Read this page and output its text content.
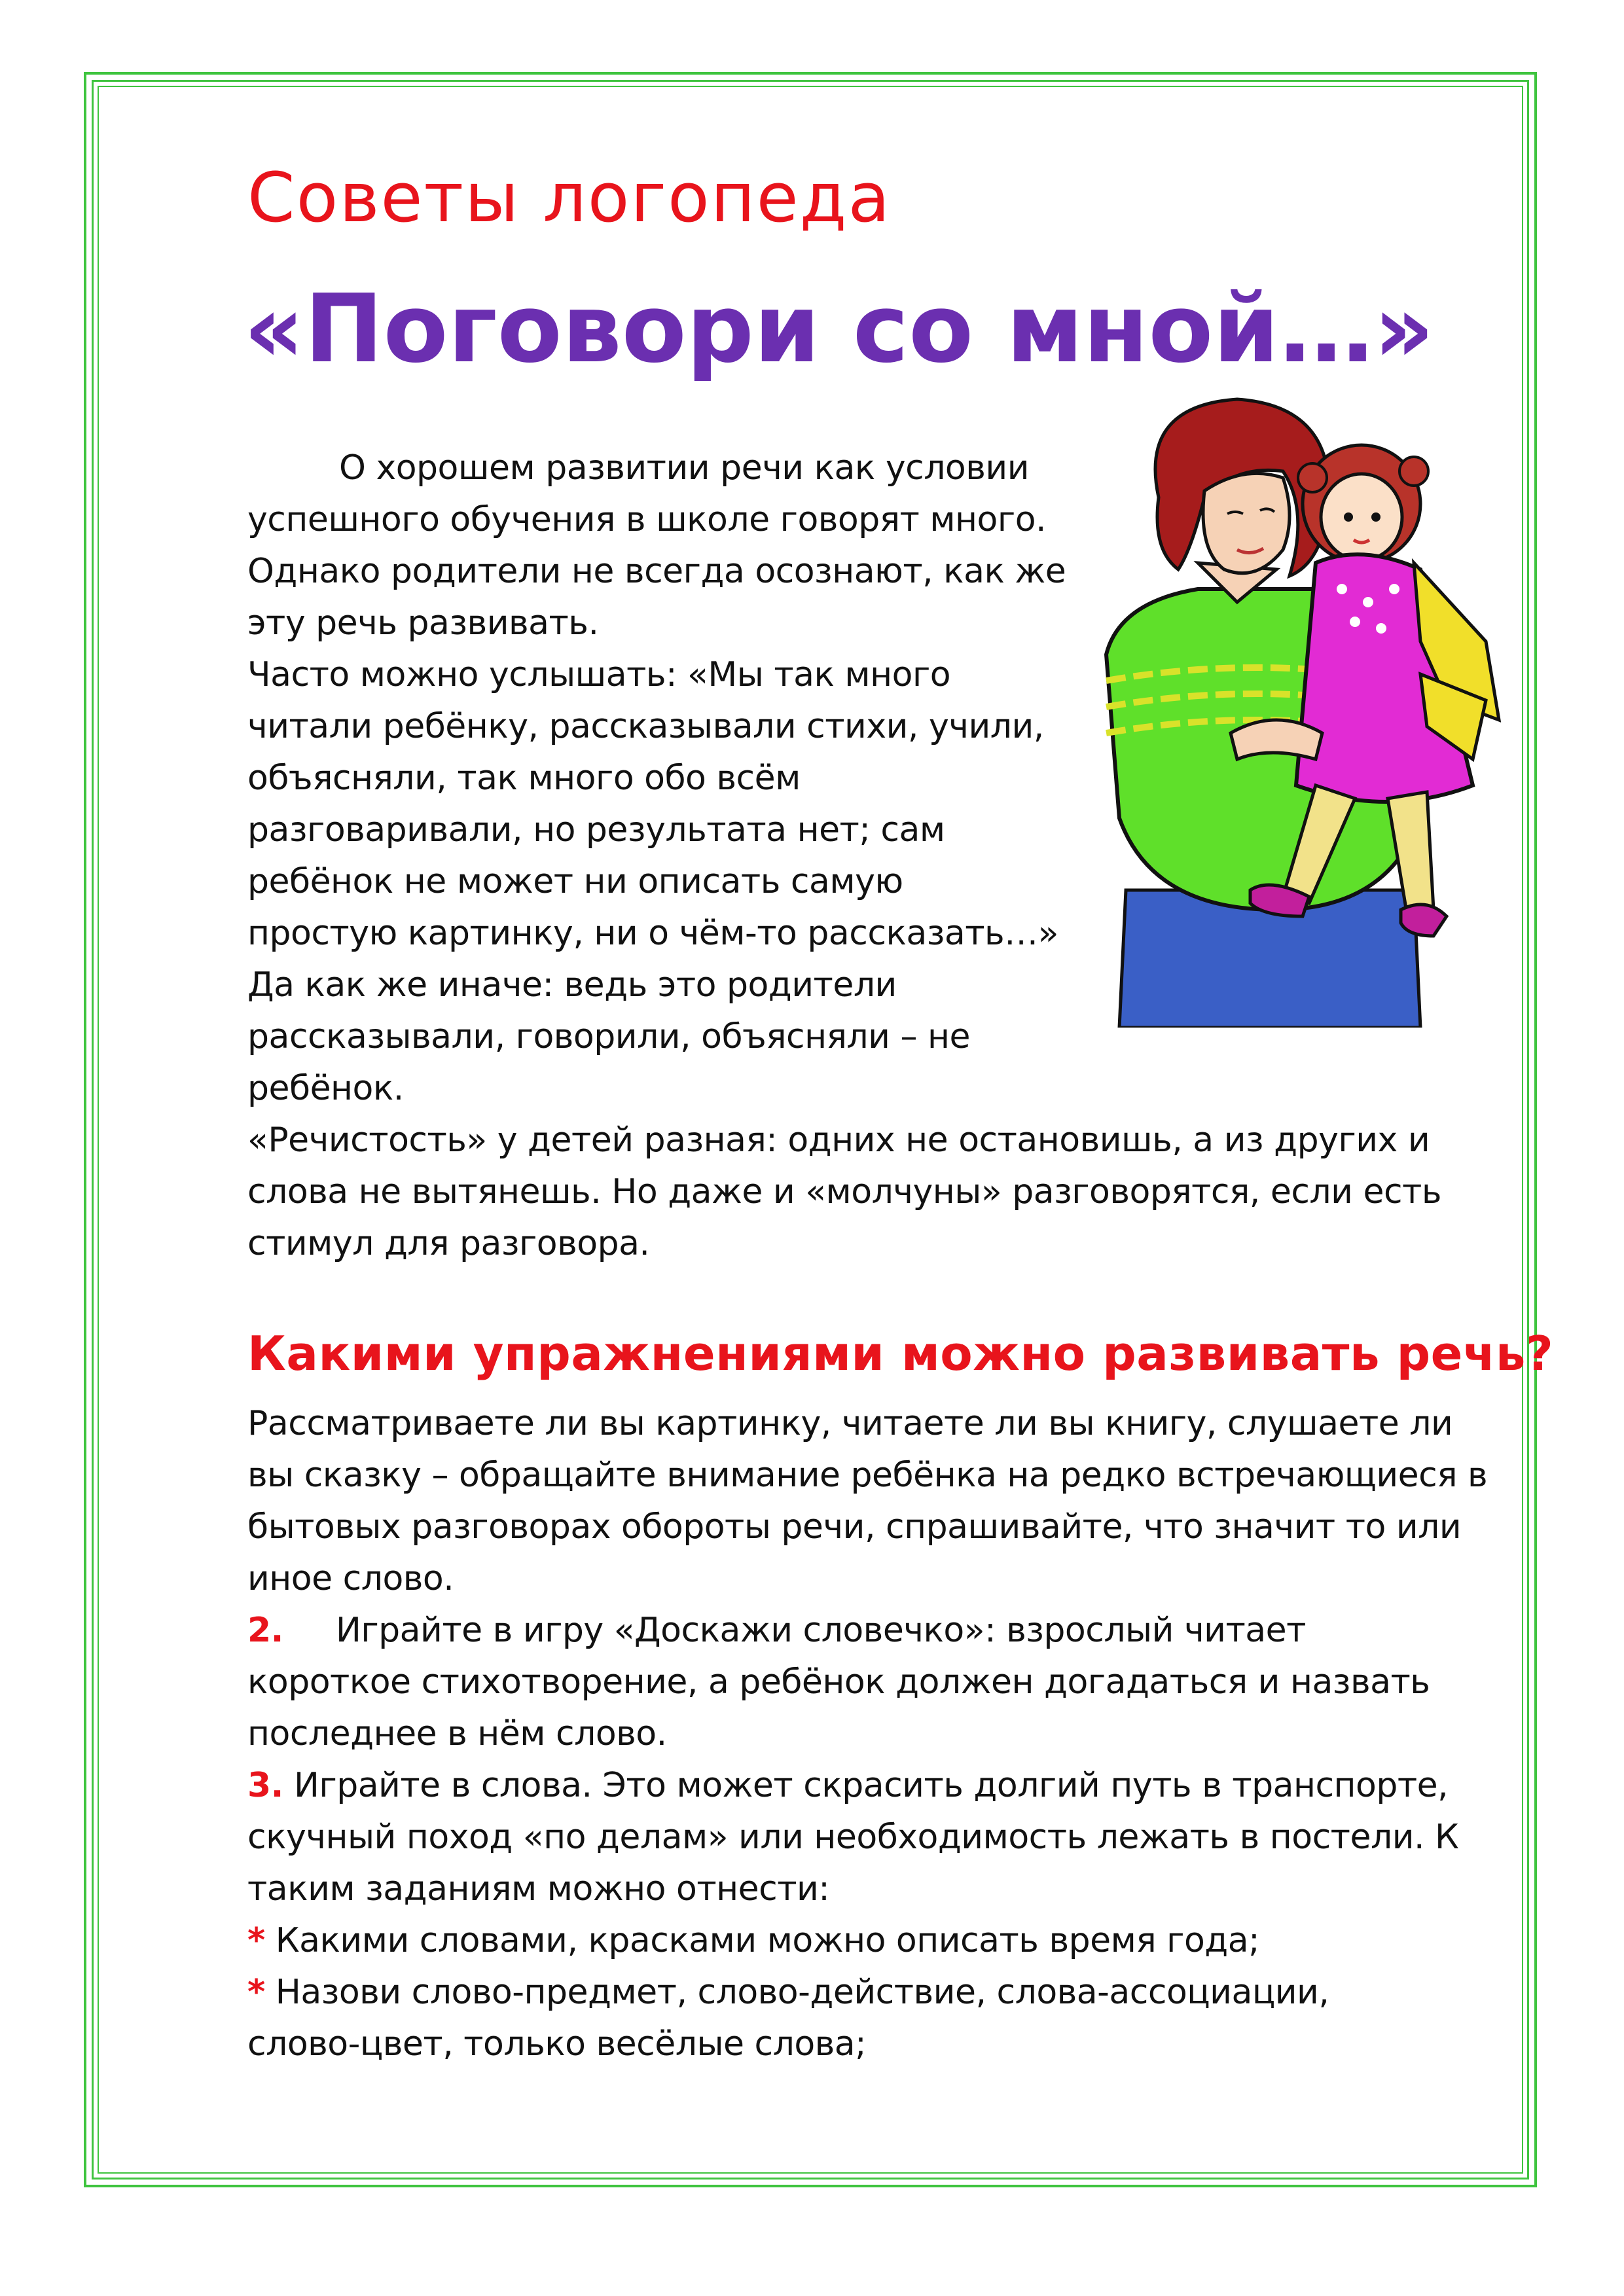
Советы логопеда
«Поговори со мной…»

О хорошем развитии речи как условии

успешного обучения в школе говорят много.

Однако родители не всегда осознают, как же

эту речь развивать.

Часто можно услышать: «Мы так много

читали ребёнку, рассказывали стихи, учили,

объясняли, так много обо всём

разговаривали, но результата нет; сам

ребёнок не может ни описать самую

простую картинку, ни о чём-то рассказать…»

Да как же иначе: ведь это родители

рассказывали, говорили, объясняли – не

ребёнок.

«Речистость» у детей разная: одних не остановишь, а из других и

слова не вытянешь. Но даже и «молчуны» разговорятся, если есть

стимул для разговора.

Какими упражнениями можно развивать речь?

Рассматриваете ли вы картинку, читаете ли вы книгу, слушаете ли

вы сказку – обращайте внимание ребёнка на редко встречающиеся в

бытовых разговорах обороты речи, спрашивайте, что значит то или

иное слово.

2. Играйте в игру «Доскажи словечко»: взрослый читает

короткое стихотворение, а ребёнок должен догадаться и назвать

последнее в нём слово.

3. Играйте в слова. Это может скрасить долгий путь в транспорте,

скучный поход «по делам» или необходимость лежать в постели. К

таким заданиям можно отнести:

* Какими словами, красками можно описать время года;

* Назови слово-предмет, слово-действие, слова-ассоциации,

слово-цвет, только весёлые слова;
